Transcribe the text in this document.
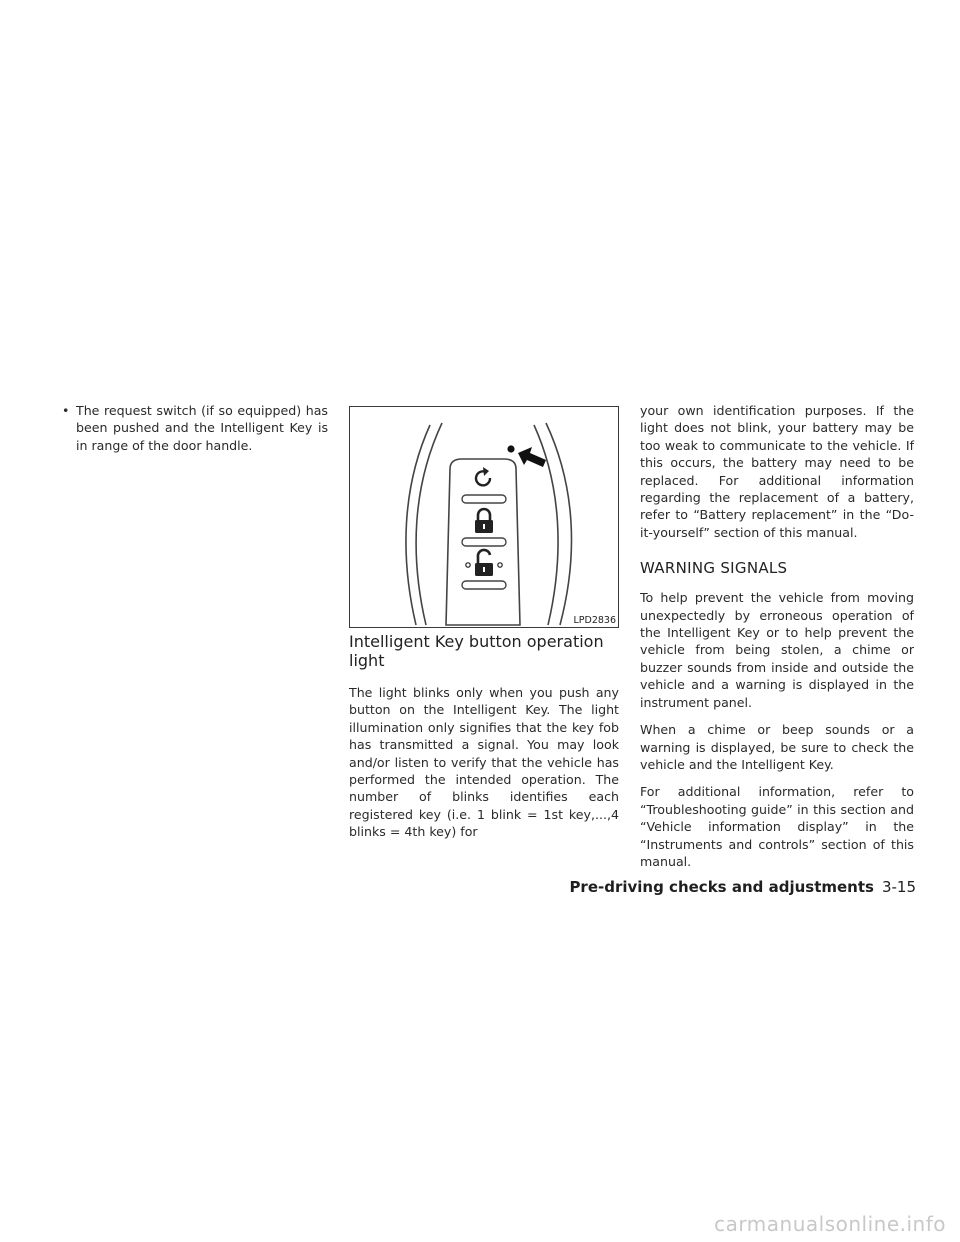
• The request switch (if so equipped) has been pushed and the Intelligent Key is in range of the door handle.
LPD2836
Intelligent Key button operation light

The light blinks only when you push any button on the Intelligent Key. The light illumination only signifies that the key fob has transmitted a signal. You may look and/or listen to verify that the vehicle has performed the intended operation. The number of blinks identifies each registered key (i.e. 1 blink = 1st key,...,4 blinks = 4th key) for

your own identification purposes. If the light does not blink, your battery may be too weak to communicate to the vehicle. If this occurs, the battery may need to be replaced. For additional information regarding the replacement of a battery, refer to “Battery replacement” in the “Do-it-yourself” section of this manual.

WARNING SIGNALS

To help prevent the vehicle from moving unexpectedly by erroneous operation of the Intelligent Key or to help prevent the vehicle from being stolen, a chime or buzzer sounds from inside and outside the vehicle and a warning is displayed in the instrument panel.

When a chime or beep sounds or a warning is displayed, be sure to check the vehicle and the Intelligent Key.

For additional information, refer to “Troubleshooting guide” in this section and “Vehicle information display” in the “Instruments and controls” section of this manual.

Pre-driving checks and adjustments 3-15
carmanualsonline.info
